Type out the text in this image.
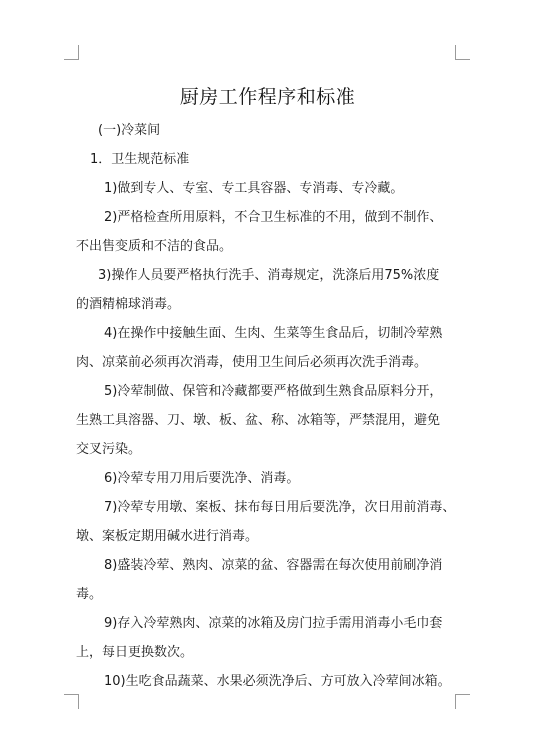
厨房工作程序和标准
(一)冷菜间
1．卫生规范标准
1)做到专人、专室、专工具容器、专消毒、专冷藏。
2)严格检查所用原料，不合卫生标准的不用，做到不制作、
不出售变质和不洁的食品。
3)操作人员要严格执行洗手、消毒规定，洗涤后用75%浓度
的酒精棉球消毒。
4)在操作中接触生面、生肉、生菜等生食品后，切制冷荤熟
肉、凉菜前必须再次消毒，使用卫生间后必须再次洗手消毒。
5)冷荤制做、保管和冷藏都要严格做到生熟食品原料分开，
生熟工具溶器、刀、墩、板、盆、称、冰箱等，严禁混用，避免
交叉污染。
6)冷荤专用刀用后要洗净、消毒。
7)冷荤专用墩、案板、抹布每日用后要洗净，次日用前消毒、
墩、案板定期用碱水进行消毒。
8)盛装冷荤、熟肉、凉菜的盆、容器需在每次使用前刷净消
毒。
9)存入冷荤熟肉、凉菜的冰箱及房门拉手需用消毒小毛巾套
上，每日更换数次。
10)生吃食品蔬菜、水果必须洗净后、方可放入冷荤间冰箱。
